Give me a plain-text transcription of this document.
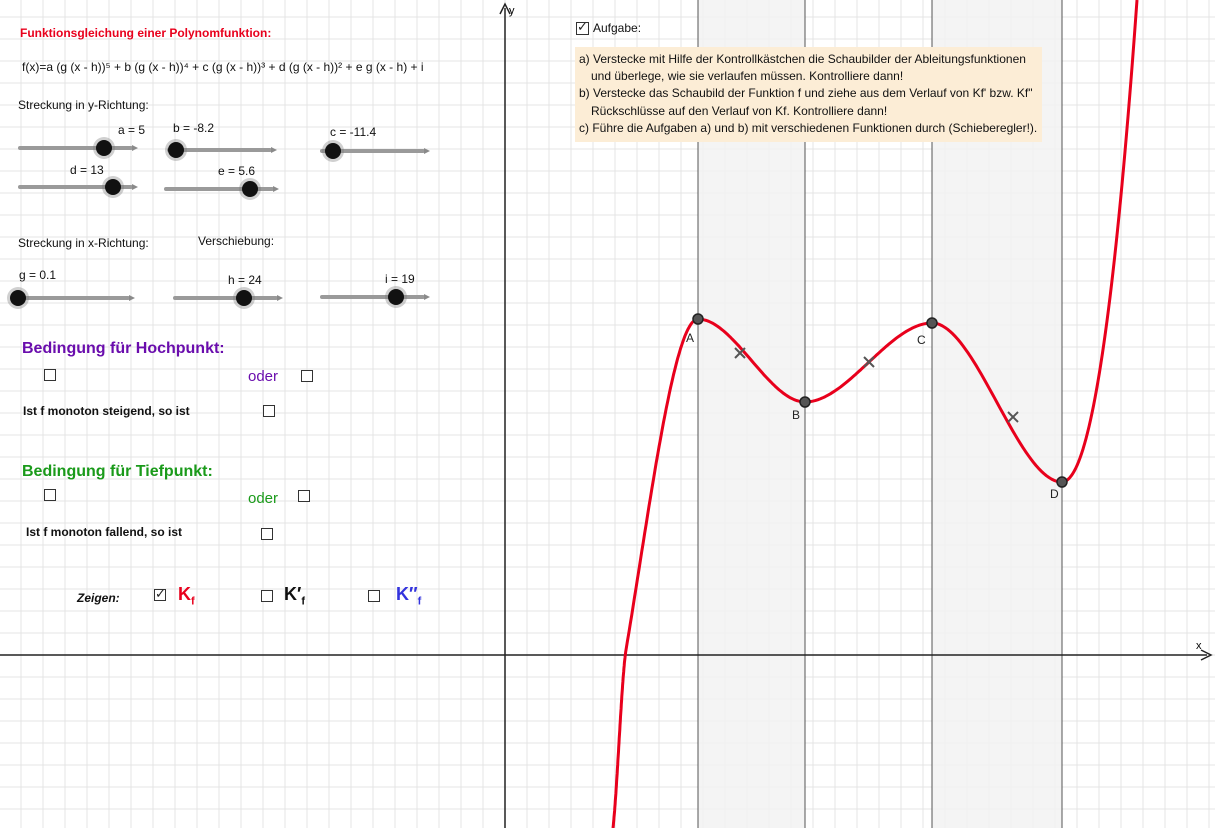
A
B
C
D
x
y
Funktionsgleichung einer Polynomfunktion:
f(x)=a (g (x - h))⁵ + b (g (x - h))⁴ + c (g (x - h))³ + d (g (x - h))² + e g (x - h) + i
Streckung in y-Richtung:
Streckung in x-Richtung:	Verschiebung:
a = 5 b = -8.2	c = -11.4
d = 13	e = 5.6
g = 0.1	h = 24	i = 19
Bedingung für Hochpunkt:
oder
Ist f monoton steigend, so ist
Bedingung für Tiefpunkt:
oder
Ist f monoton fallend, so ist
Zeigen:
✓	$K_f$	$K'_f$	$K''_f$
✓
Aufgabe:
a) Verstecke mit Hilfe der Kontrollkästchen die Schaubilder der Ableitungsfunktionen
und überlege, wie sie verlaufen müssen. Kontrolliere dann!
b) Verstecke das Schaubild der Funktion f und ziehe aus dem Verlauf von Kf' bzw. Kf"
Rückschlüsse auf den Verlauf von Kf. Kontrolliere dann!
c) Führe die Aufgaben a) und b) mit verschiedenen Funktionen durch (Schieberegler!).
